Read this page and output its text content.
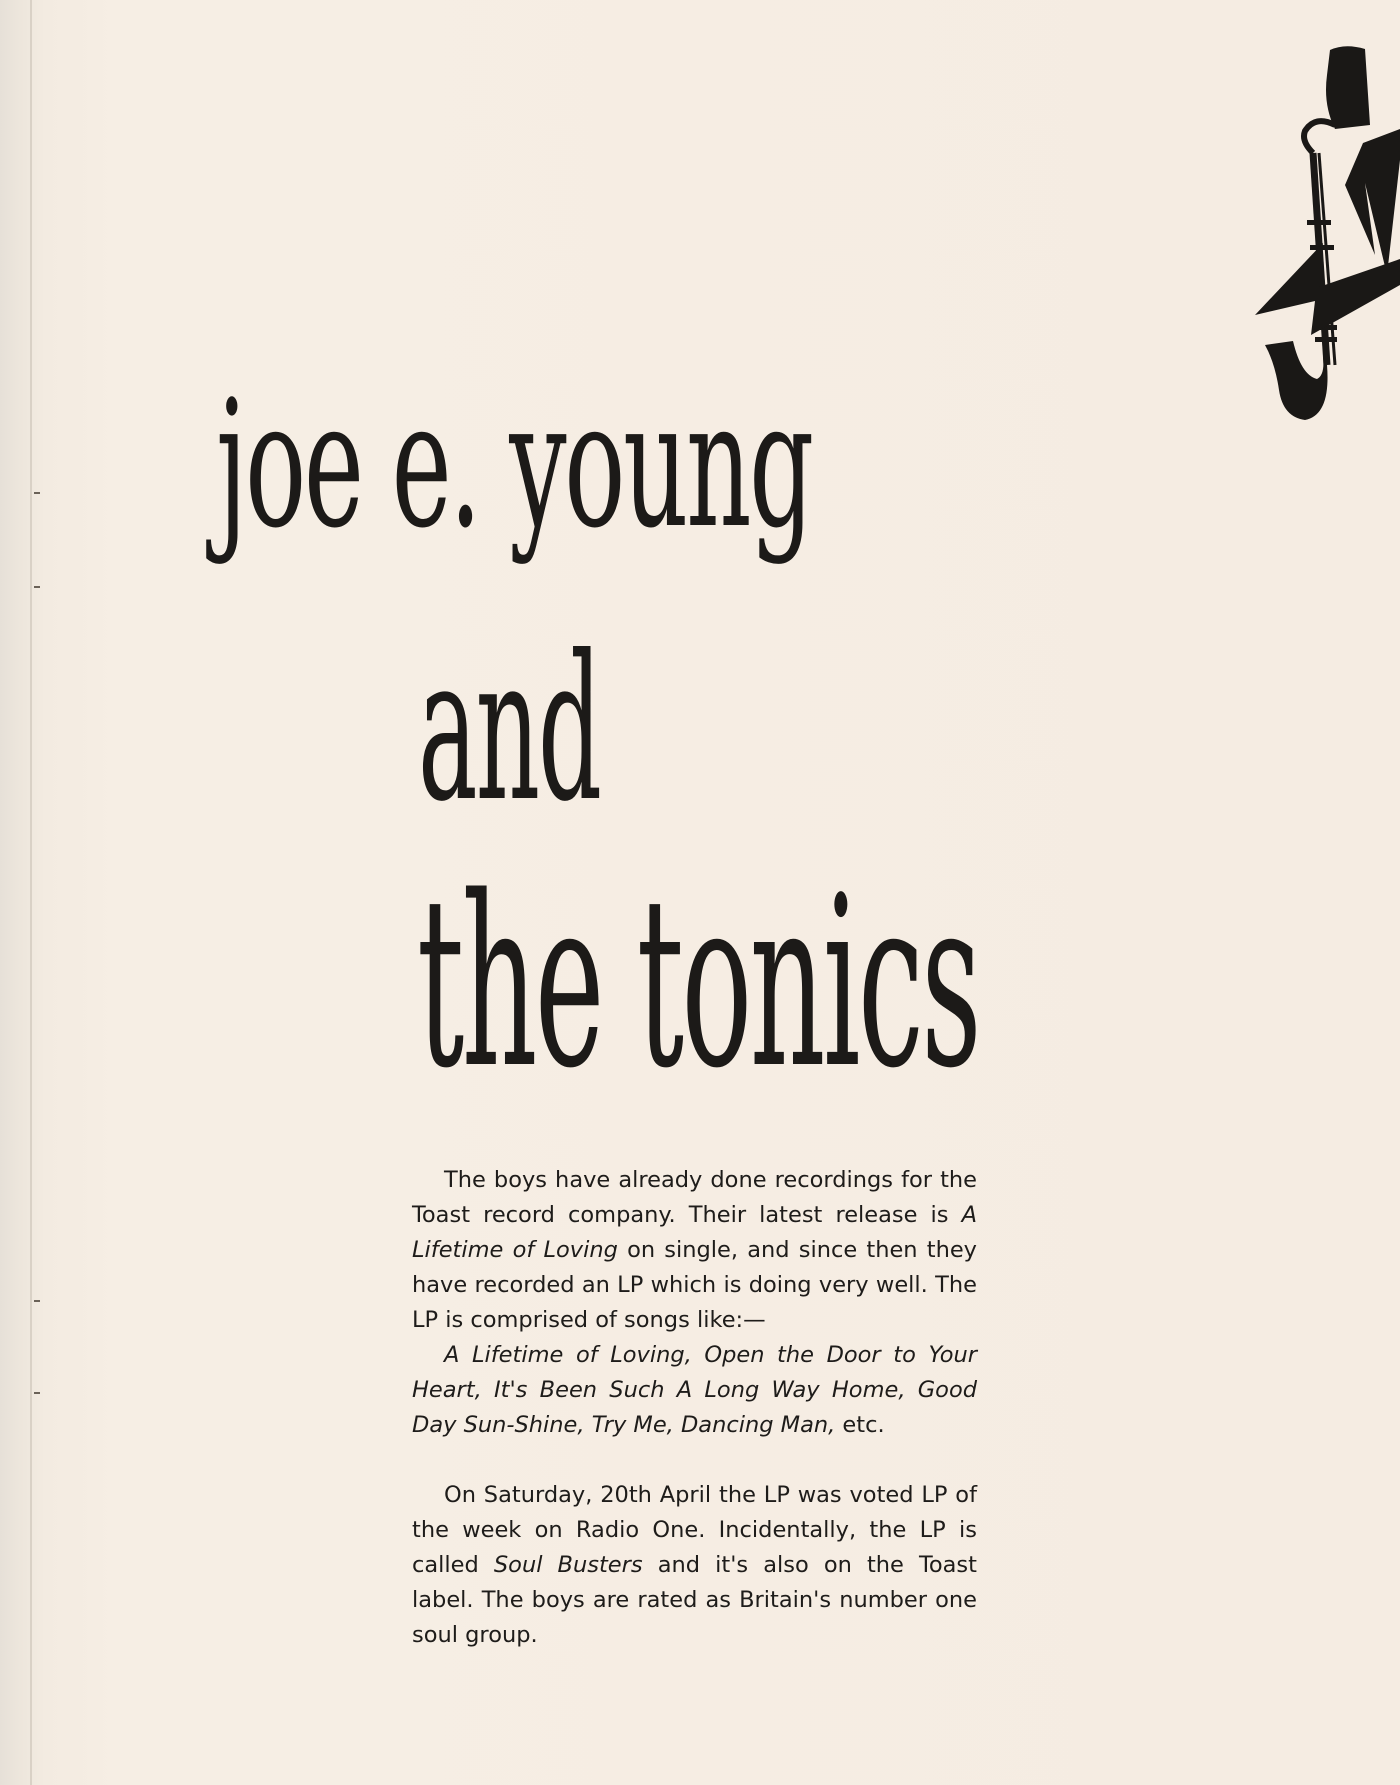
joe e. young
and
the tonics

The boys have already done recordings for the Toast record company. Their latest release is A Lifetime of Loving on single, and since then they have recorded an LP which is doing very well. The LP is comprised of songs like:—

A Lifetime of Loving, Open the Door to Your Heart, It's Been Such A Long Way Home, Good Day Sun-Shine, Try Me, Dancing Man, etc.

On Saturday, 20th April the LP was voted LP of the week on Radio One. Incidentally, the LP is called Soul Busters and it's also on the Toast label. The boys are rated as Britain's number one soul group.
